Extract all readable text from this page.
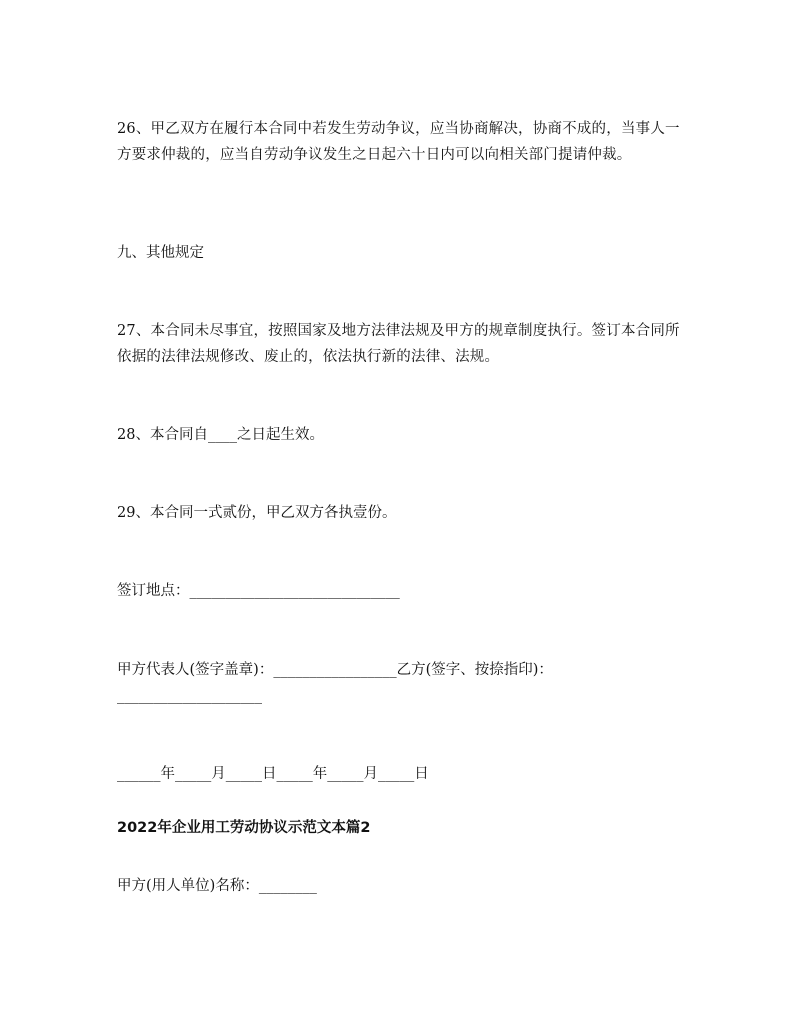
26、甲乙双方在履行本合同中若发生劳动争议，应当协商解决，协商不成的，当事人一方要求仲裁的，应当自劳动争议发生之日起六十日内可以向相关部门提请仲裁。

九、其他规定

27、本合同未尽事宜，按照国家及地方法律法规及甲方的规章制度执行。签订本合同所依据的法律法规修改、废止的，依法执行新的法律、法规。

28、本合同自____之日起生效。

29、本合同一式贰份，甲乙双方各执壹份。

签订地点：_____________________________

甲方代表人(签字盖章)：_________________乙方(签字、按捺指印)：

____________________

______年_____月_____日_____年_____月_____日

2022年企业用工劳动协议示范文本篇2

甲方(用人单位)名称：________
